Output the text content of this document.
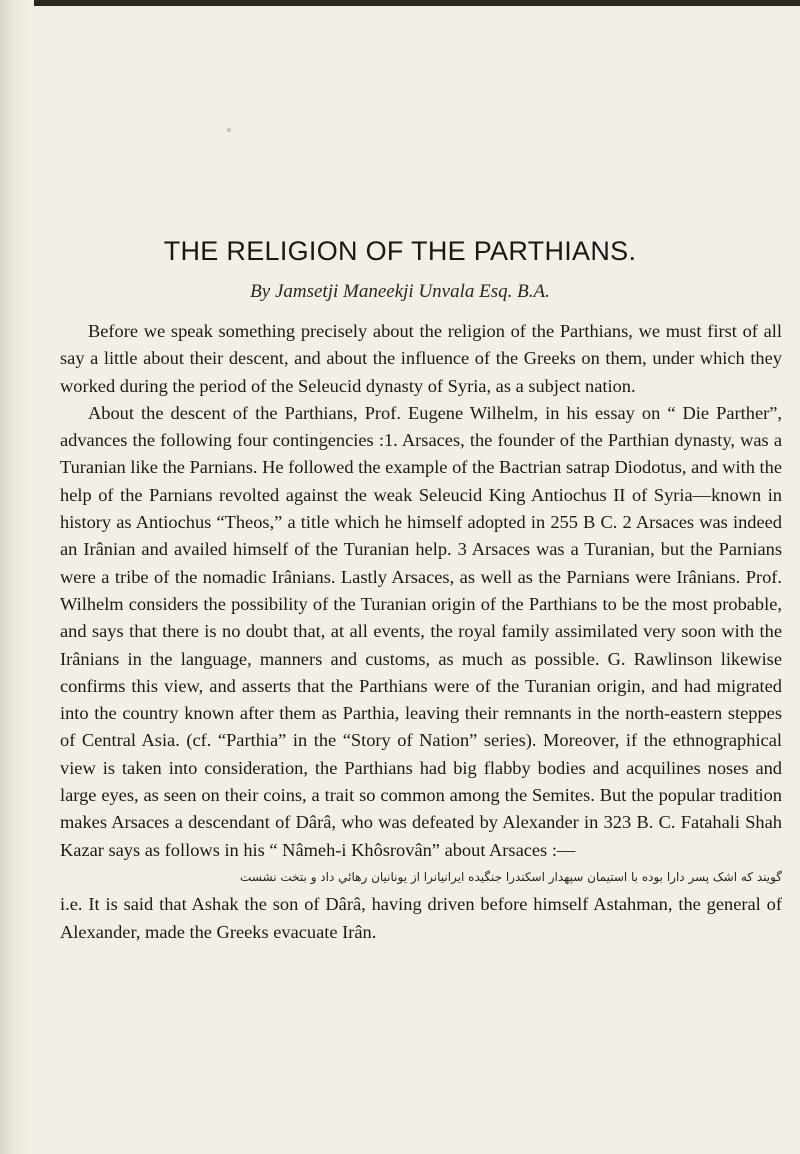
THE RELIGION OF THE PARTHIANS.
By Jamsetji Maneekji Unvala Esq. B.A.

Before we speak something precisely about the religion of the Parthians, we must first of all say a little about their descent, and about the influence of the Greeks on them, under which they worked during the period of the Seleucid dynasty of Syria, as a subject nation.

About the descent of the Parthians, Prof. Eugene Wilhelm, in his essay on “ Die Parther”, advances the following four contingencies :1. Arsaces, the founder of the Parthian dynasty, was a Turanian like the Parnians. He followed the example of the Bactrian satrap Diodotus, and with the help of the Parnians revolted against the weak Seleucid King Antiochus II of Syria—known in history as Antiochus “Theos,” a title which he himself adopted in 255 B C. 2 Arsaces was indeed an Irânian and availed himself of the Turanian help. 3 Arsaces was a Turanian, but the Parnians were a tribe of the nomadic Irânians. Lastly Arsaces, as well as the Parnians were Irânians. Prof. Wilhelm considers the possibility of the Turanian origin of the Parthians to be the most probable, and says that there is no doubt that, at all events, the royal family assimilated very soon with the Irânians in the language, manners and customs, as much as possible. G. Rawlinson likewise confirms this view, and asserts that the Parthians were of the Turanian origin, and had migrated into the country known after them as Parthia, leaving their remnants in the north-eastern steppes of Central Asia. (cf. “Parthia” in the “Story of Nation” series). Moreover, if the ethnographical view is taken into consideration, the Parthians had big flabby bodies and acquilines noses and large eyes, as seen on their coins, a trait so common among the Semites. But the popular tradition makes Arsaces a descendant of Dârâ, who was defeated by Alexander in 323 B. C. Fatahali Shah Kazar says as follows in his “ Nâmeh-i Khôsrovân” about Arsaces :—

گويند که اشک پسر دارا بوده با استيمان سپهدار اسکندرا جنگيده ايرانيانرا از يونانيان رهائي داد و بتخت نشست

i.e. It is said that Ashak the son of Dârâ, having driven before himself Astahman, the general of Alexander, made the Greeks evacuate Irân.
